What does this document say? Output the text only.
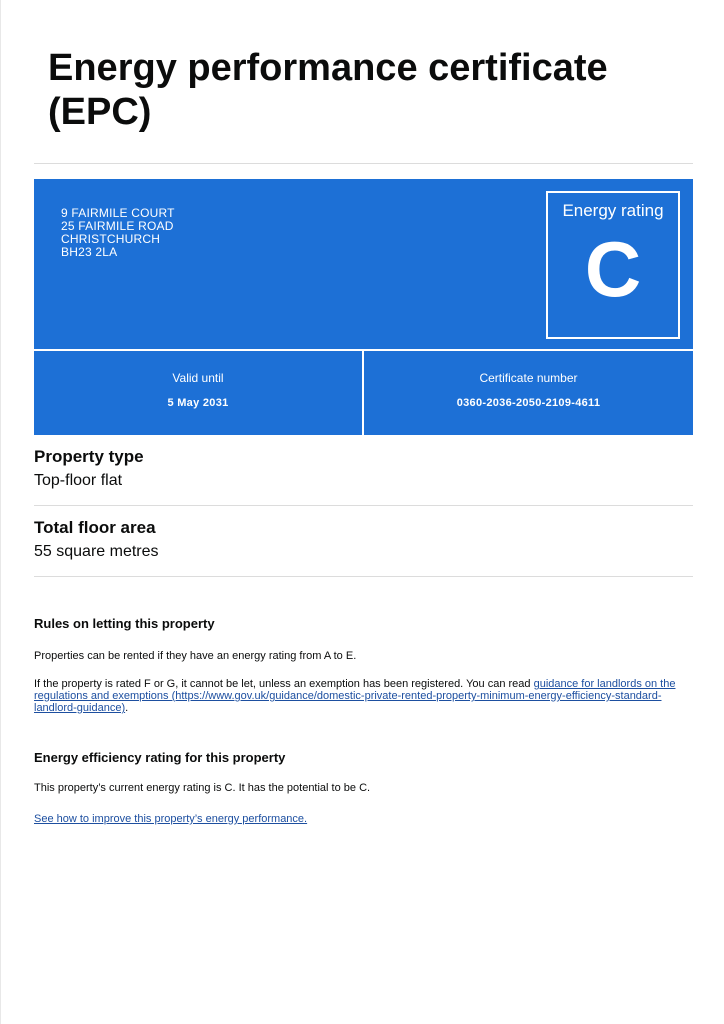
Energy performance certificate
(EPC)
9 FAIRMILE COURT
25 FAIRMILE ROAD
CHRISTCHURCH
BH23 2LA
Energy rating
C
Valid until
5 May 2031
Certificate number
0360-2036-2050-2109-4611
Property type
Top-floor flat
Total floor area
55 square metres
Rules on letting this property
Properties can be rented if they have an energy rating from A to E.
If the property is rated F or G, it cannot be let, unless an exemption has been registered. You can read guidance for landlords on the regulations and exemptions (https://www.gov.uk/guidance/domestic-private-rented-property-minimum-energy-efficiency-standard-landlord-guidance).
Energy efficiency rating for this property
This property’s current energy rating is C. It has the potential to be C.
See how to improve this property’s energy performance.
